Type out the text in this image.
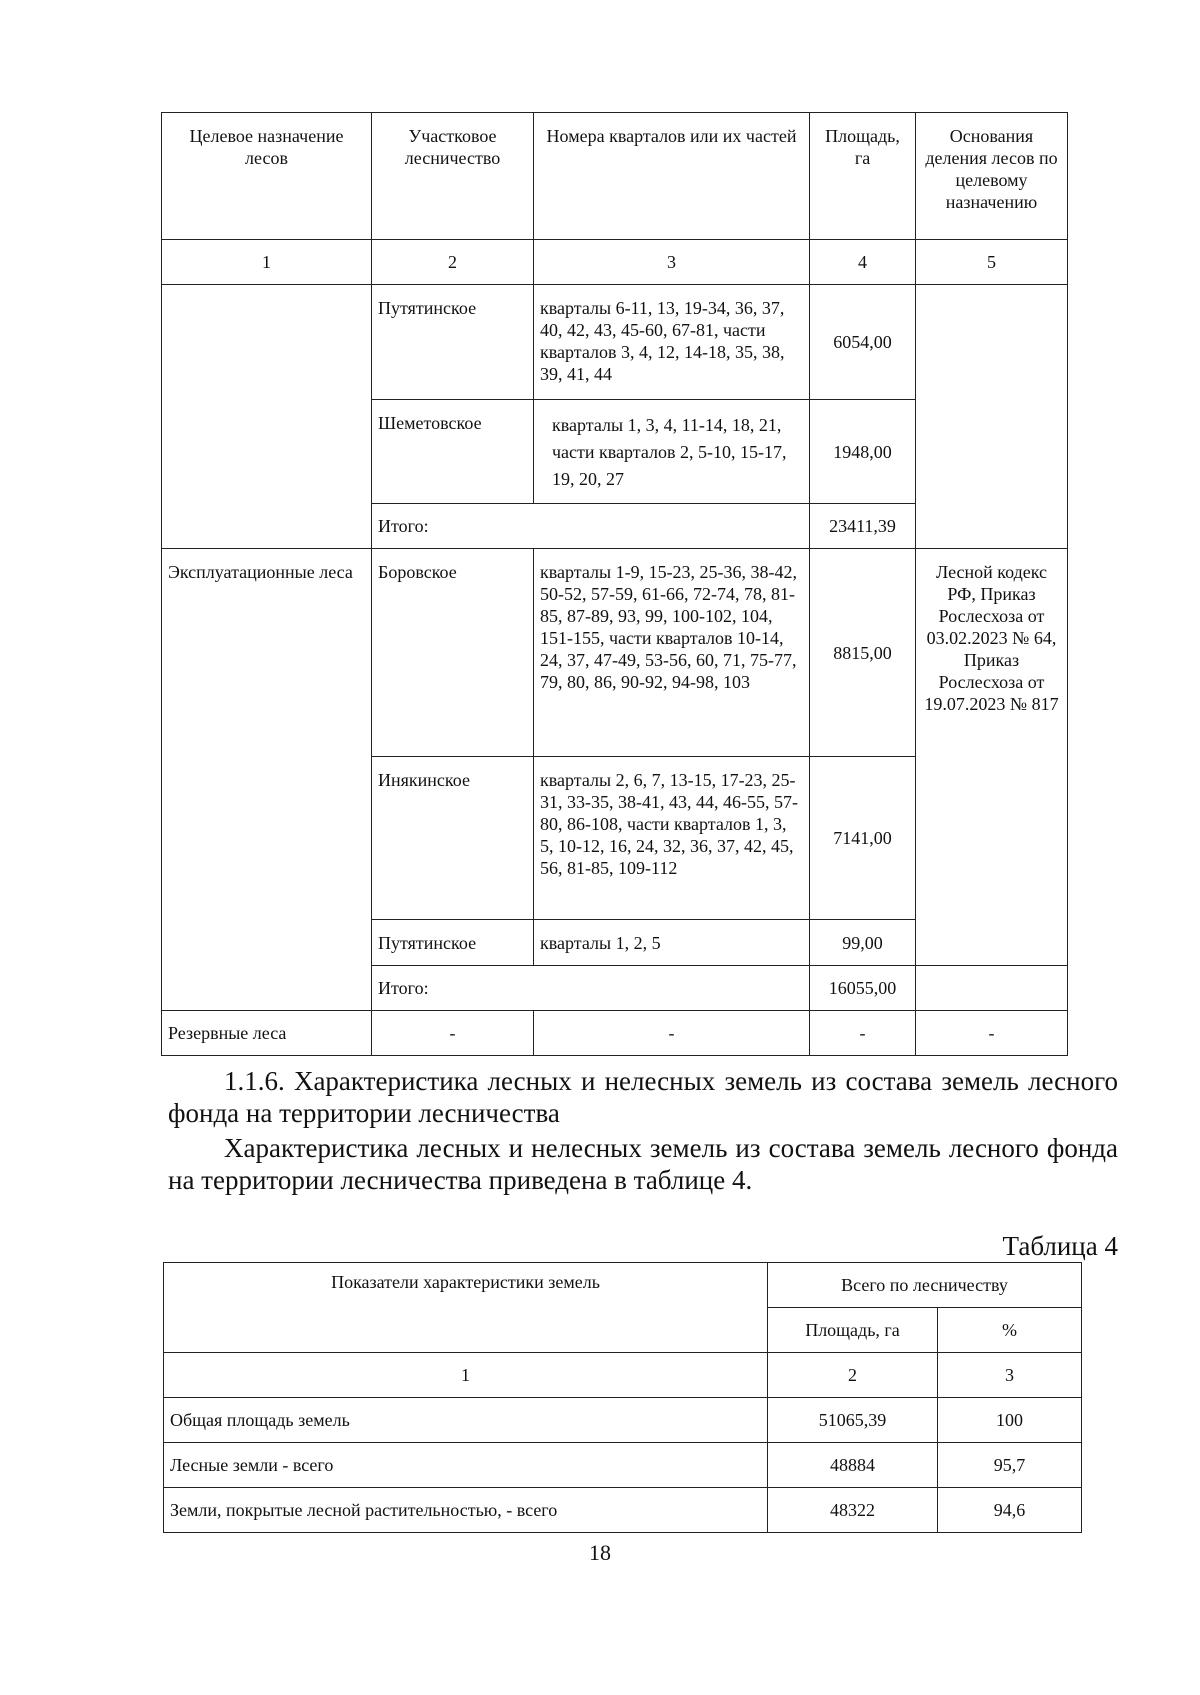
Целевое назначение лесов	Участковое лесничество	Номера кварталов или их частей	Площадь, га	Основания деления лесов по целевому назначению
1	2	3	4	5
	Путятинское	кварталы 6-11, 13, 19-34, 36, 37, 40, 42, 43, 45-60, 67-81, части кварталов 3, 4, 12, 14-18, 35, 38, 39, 41, 44	6054,00	
	Шеметовское	кварталы 1, 3, 4, 11-14, 18, 21, части кварталов 2, 5-10, 15-17, 19, 20, 27	1948,00	
	Итого:		23411,39	
Эксплуатационные леса	Боровское	кварталы 1-9, 15-23, 25-36, 38-42, 50-52, 57-59, 61-66, 72-74, 78, 81-85, 87-89, 93, 99, 100-102, 104, 151-155, части кварталов 10-14, 24, 37, 47-49, 53-56, 60, 71, 75-77, 79, 80, 86, 90-92, 94-98, 103	8815,00	Лесной кодекс РФ, Приказ Рослесхоза от 03.02.2023 № 64, Приказ Рослесхоза от 19.07.2023 № 817
	Инякинское	кварталы 2, 6, 7, 13-15, 17-23, 25-31, 33-35, 38-41, 43, 44, 46-55, 57-80, 86-108, части кварталов 1, 3, 5, 10-12, 16, 24, 32, 36, 37, 42, 45, 56, 81-85, 109-112	7141,00	
	Путятинское	кварталы 1, 2, 5	99,00	
	Итого:		16055,00	
Резервные леса	-	-	-	-

1.1.6. Характеристика лесных и нелесных земель из состава земель лесного фонда на территории лесничества

Характеристика лесных и нелесных земель из состава земель лесного фонда на территории лесничества приведена в таблице 4.

Таблица 4
Показатели характеристики земель	Всего по лесничеству	
	Площадь, га	%
1	2	3
Общая площадь земель	51065,39	100
Лесные земли - всего	48884	95,7
Земли, покрытые лесной растительностью, - всего	48322	94,6
18
